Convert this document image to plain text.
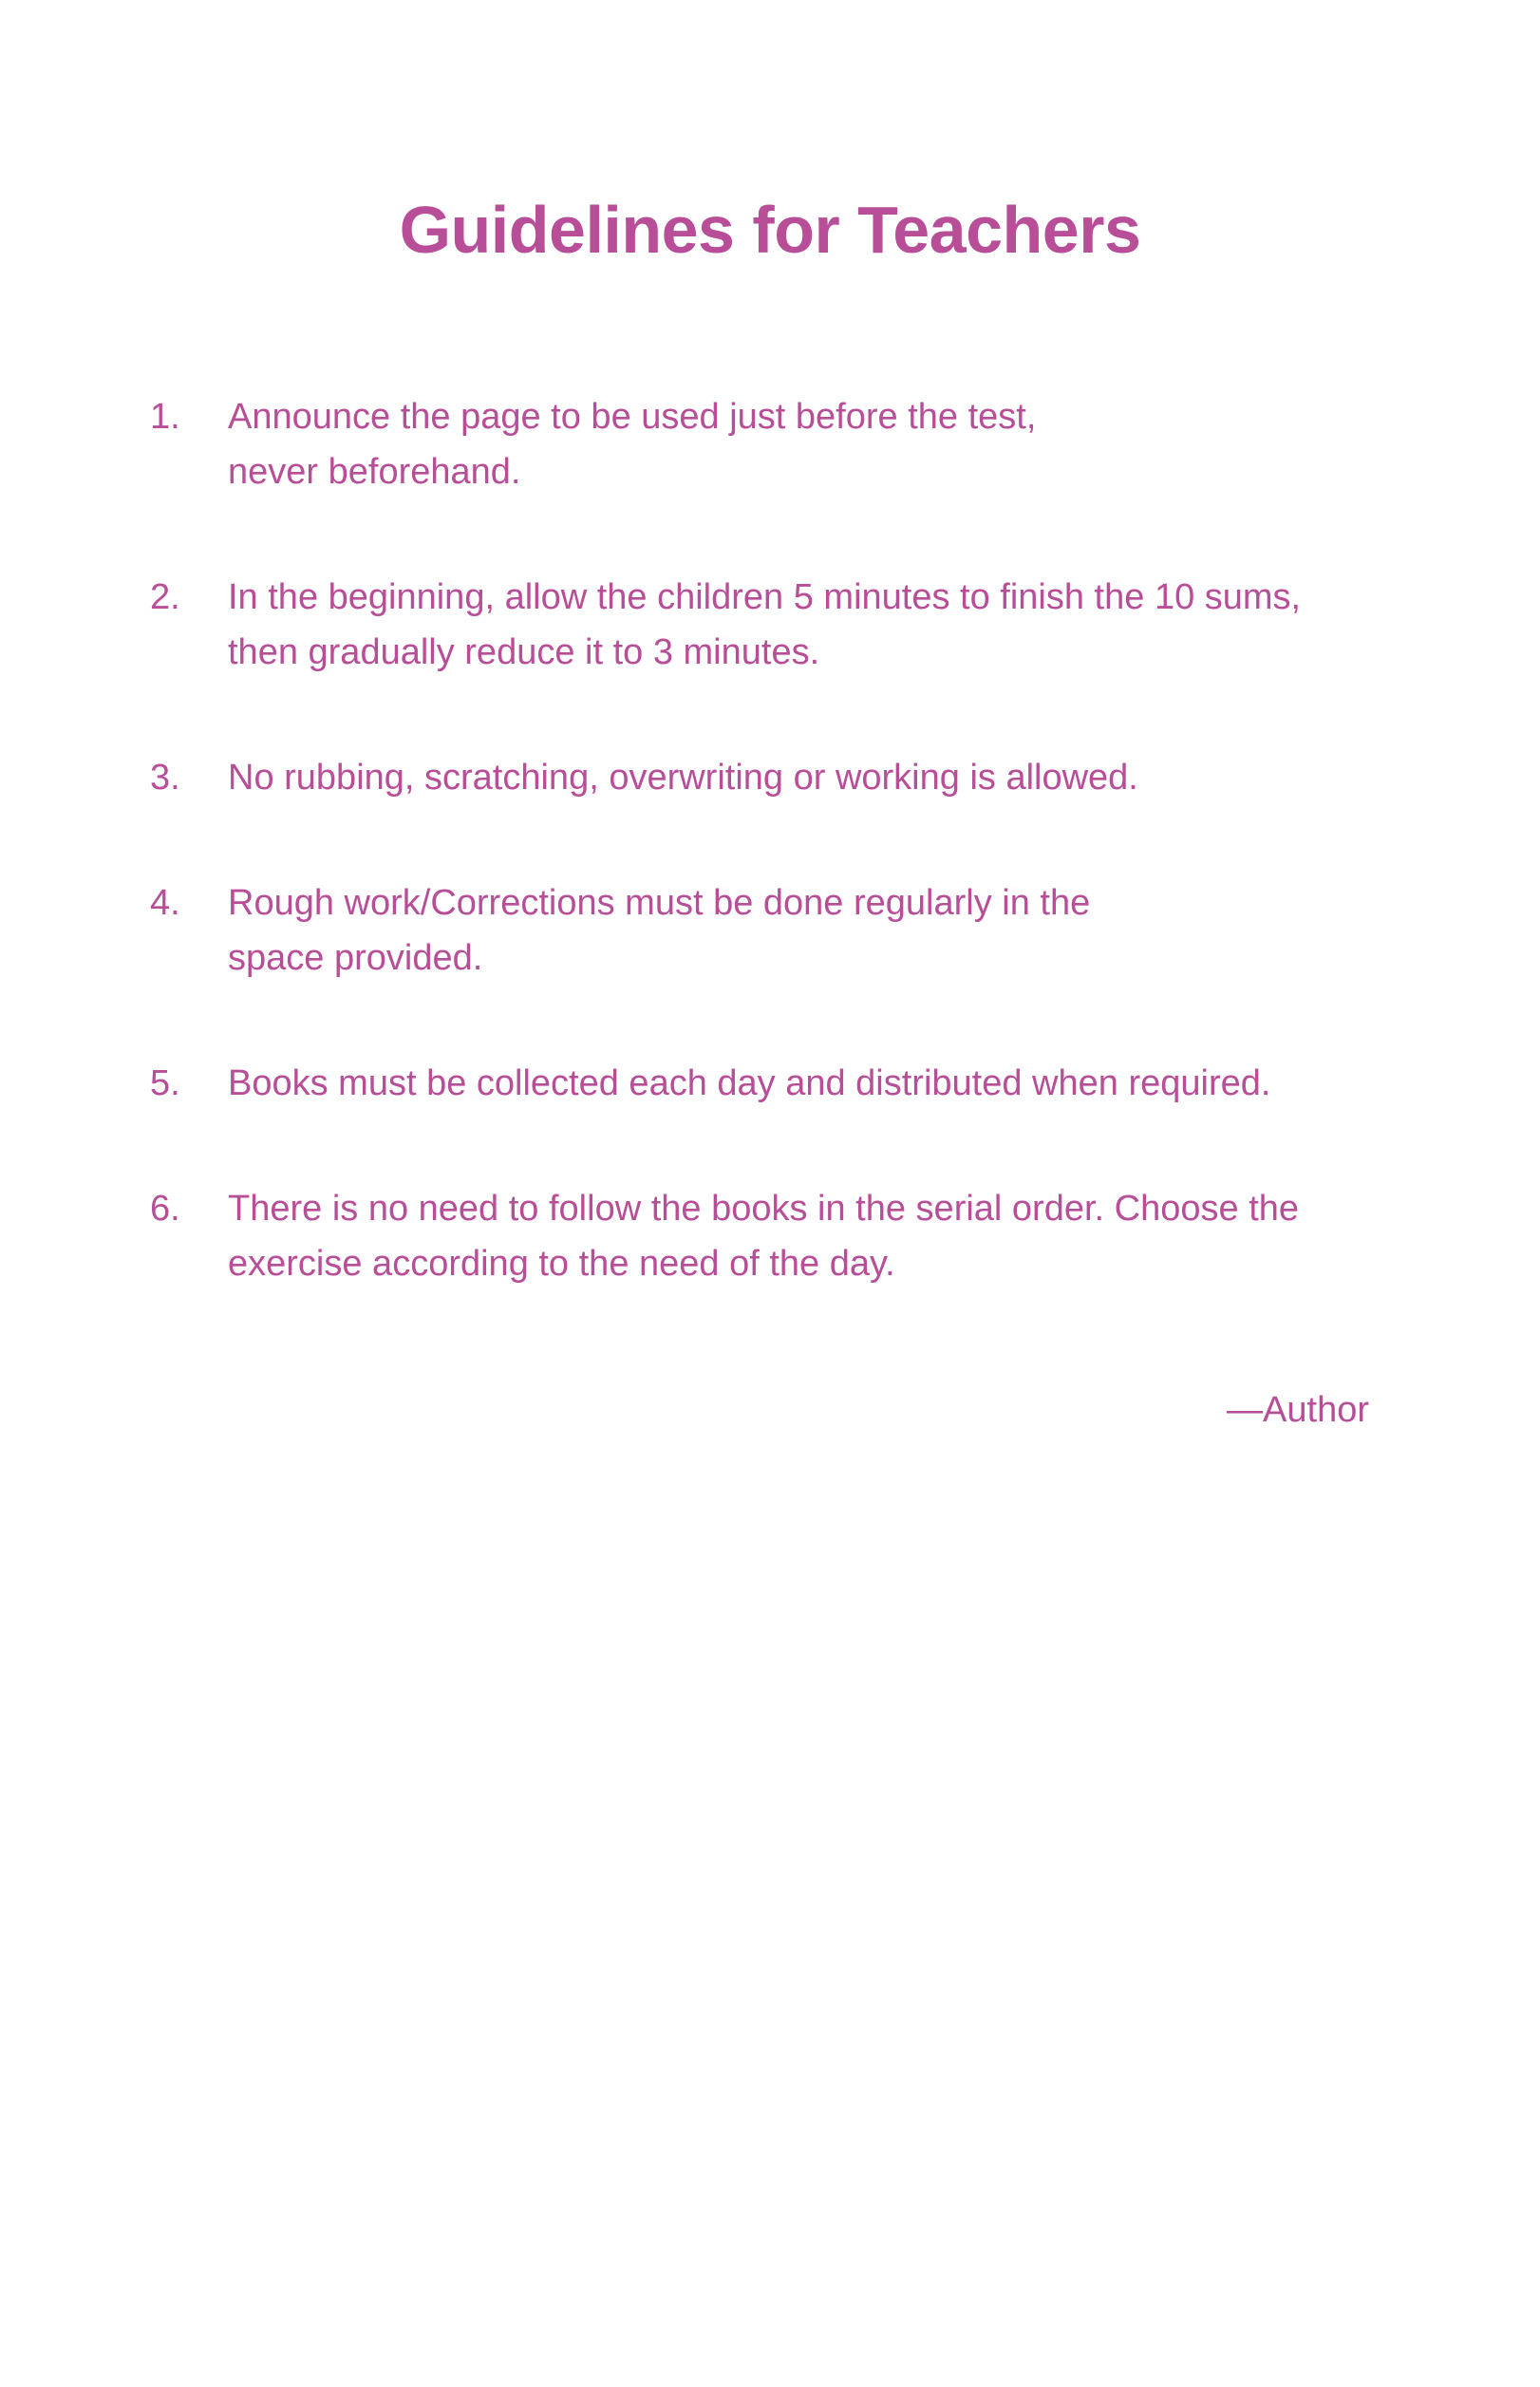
Guidelines for Teachers
1.	Announce the page to be used just before the test,
never beforehand.
2.	In the beginning, allow the children 5 minutes to finish the 10 sums,
then gradually reduce it to 3 minutes.
3.	No rubbing, scratching, overwriting or working is allowed.
4.	Rough work/Corrections must be done regularly in the
space provided.
5.	Books must be collected each day and distributed when required.
6.	There is no need to follow the books in the serial order. Choose the
exercise according to the need of the day.
—Author
